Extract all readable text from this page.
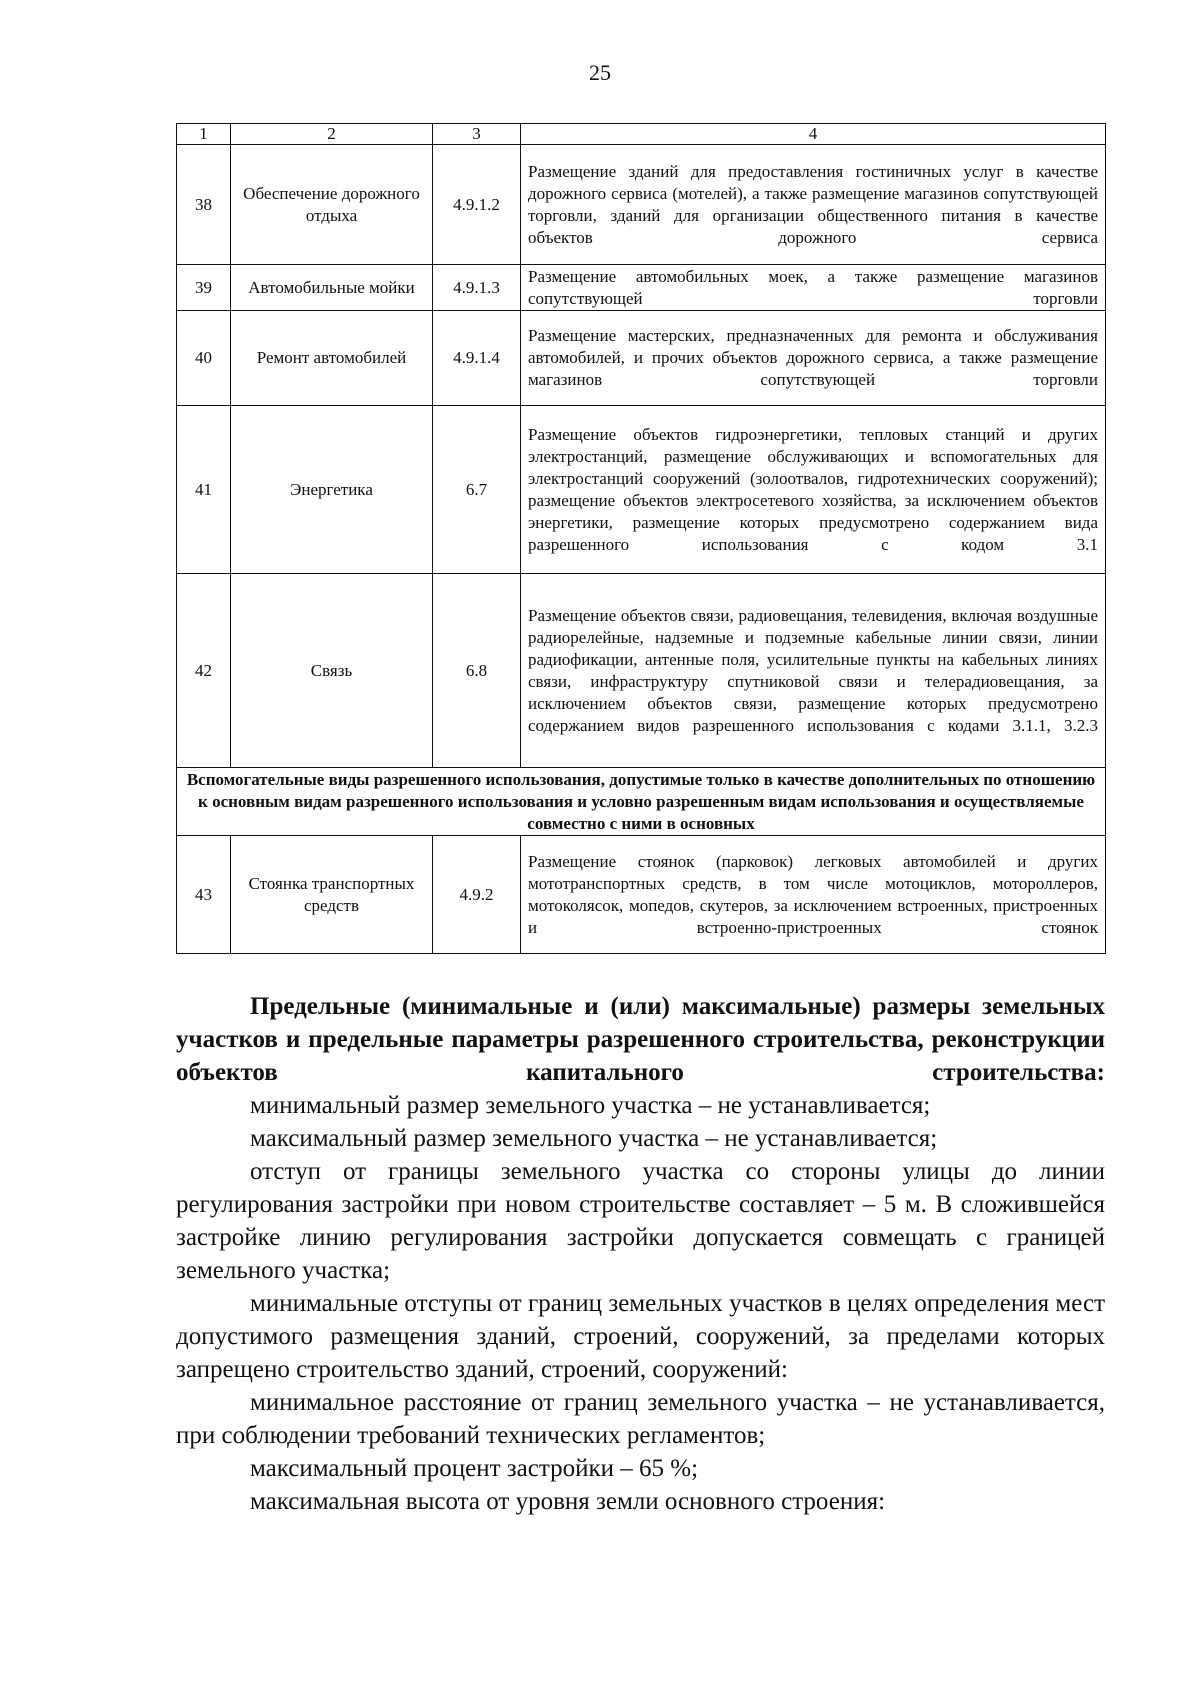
25
1	2	3	4
38	Обеспечение дорожного отдыха	4.9.1.2	Размещение зданий для предоставления гостиничных услуг в качестве дорожного сервиса (мотелей), а также размещение магазинов сопутствующей торговли, зданий для организации общественного питания в качестве объектов дорожного сервиса
39	Автомобильные мойки	4.9.1.3	Размещение автомобильных моек, а также размещение магазинов сопутствующей торговли
40	Ремонт автомобилей	4.9.1.4	Размещение мастерских, предназначенных для ремонта и обслуживания автомобилей, и прочих объектов дорожного сервиса, а также размещение магазинов сопутствующей торговли
41	Энергетика	6.7	Размещение объектов гидроэнергетики, тепловых станций и других электростанций, размещение обслуживающих и вспомогательных для электростанций сооружений (золоотвалов, гидротехнических сооружений); размещение объектов электросетевого хозяйства, за исключением объектов энергетики, размещение которых предусмотрено содержанием вида разрешенного использования с кодом 3.1
42	Связь	6.8	Размещение объектов связи, радиовещания, телевидения, включая воздушные радиорелейные, надземные и подземные кабельные линии связи, линии радиофикации, антенные поля, усилительные пункты на кабельных линиях связи, инфраструктуру спутниковой связи и телерадиовещания, за исключением объектов связи, размещение которых предусмотрено содержанием видов разрешенного использования с кодами 3.1.1, 3.2.3
Вспомогательные виды разрешенного использования, допустимые только в качестве дополнительных по отношению к основным видам разрешенного использования и условно разрешенным видам использования и осуществляемые совместно с ними в основных			
43	Стоянка транспортных средств	4.9.2	Размещение стоянок (парковок) легковых автомобилей и других мототранспортных средств, в том числе мотоциклов, мотороллеров, мотоколясок, мопедов, скутеров, за исключением встроенных, пристроенных и встроенно-пристроенных стоянок

Предельные (минимальные и (или) максимальные) размеры земельных участков и предельные параметры разрешенного строительства, реконструкции объектов капитального строительства:

минимальный размер земельного участка – не устанавливается;

максимальный размер земельного участка – не устанавливается;

отступ от границы земельного участка со стороны улицы до линии регулирования застройки при новом строительстве составляет – 5 м. В сложившейся застройке линию регулирования застройки допускается совмещать с границей земельного участка;

минимальные отступы от границ земельных участков в целях определения мест допустимого размещения зданий, строений, сооружений, за пределами которых запрещено строительство зданий, строений, сооружений:

минимальное расстояние от границ земельного участка – не устанавливается, при соблюдении требований технических регламентов;

максимальный процент застройки – 65 %;

максимальная высота от уровня земли основного строения:
